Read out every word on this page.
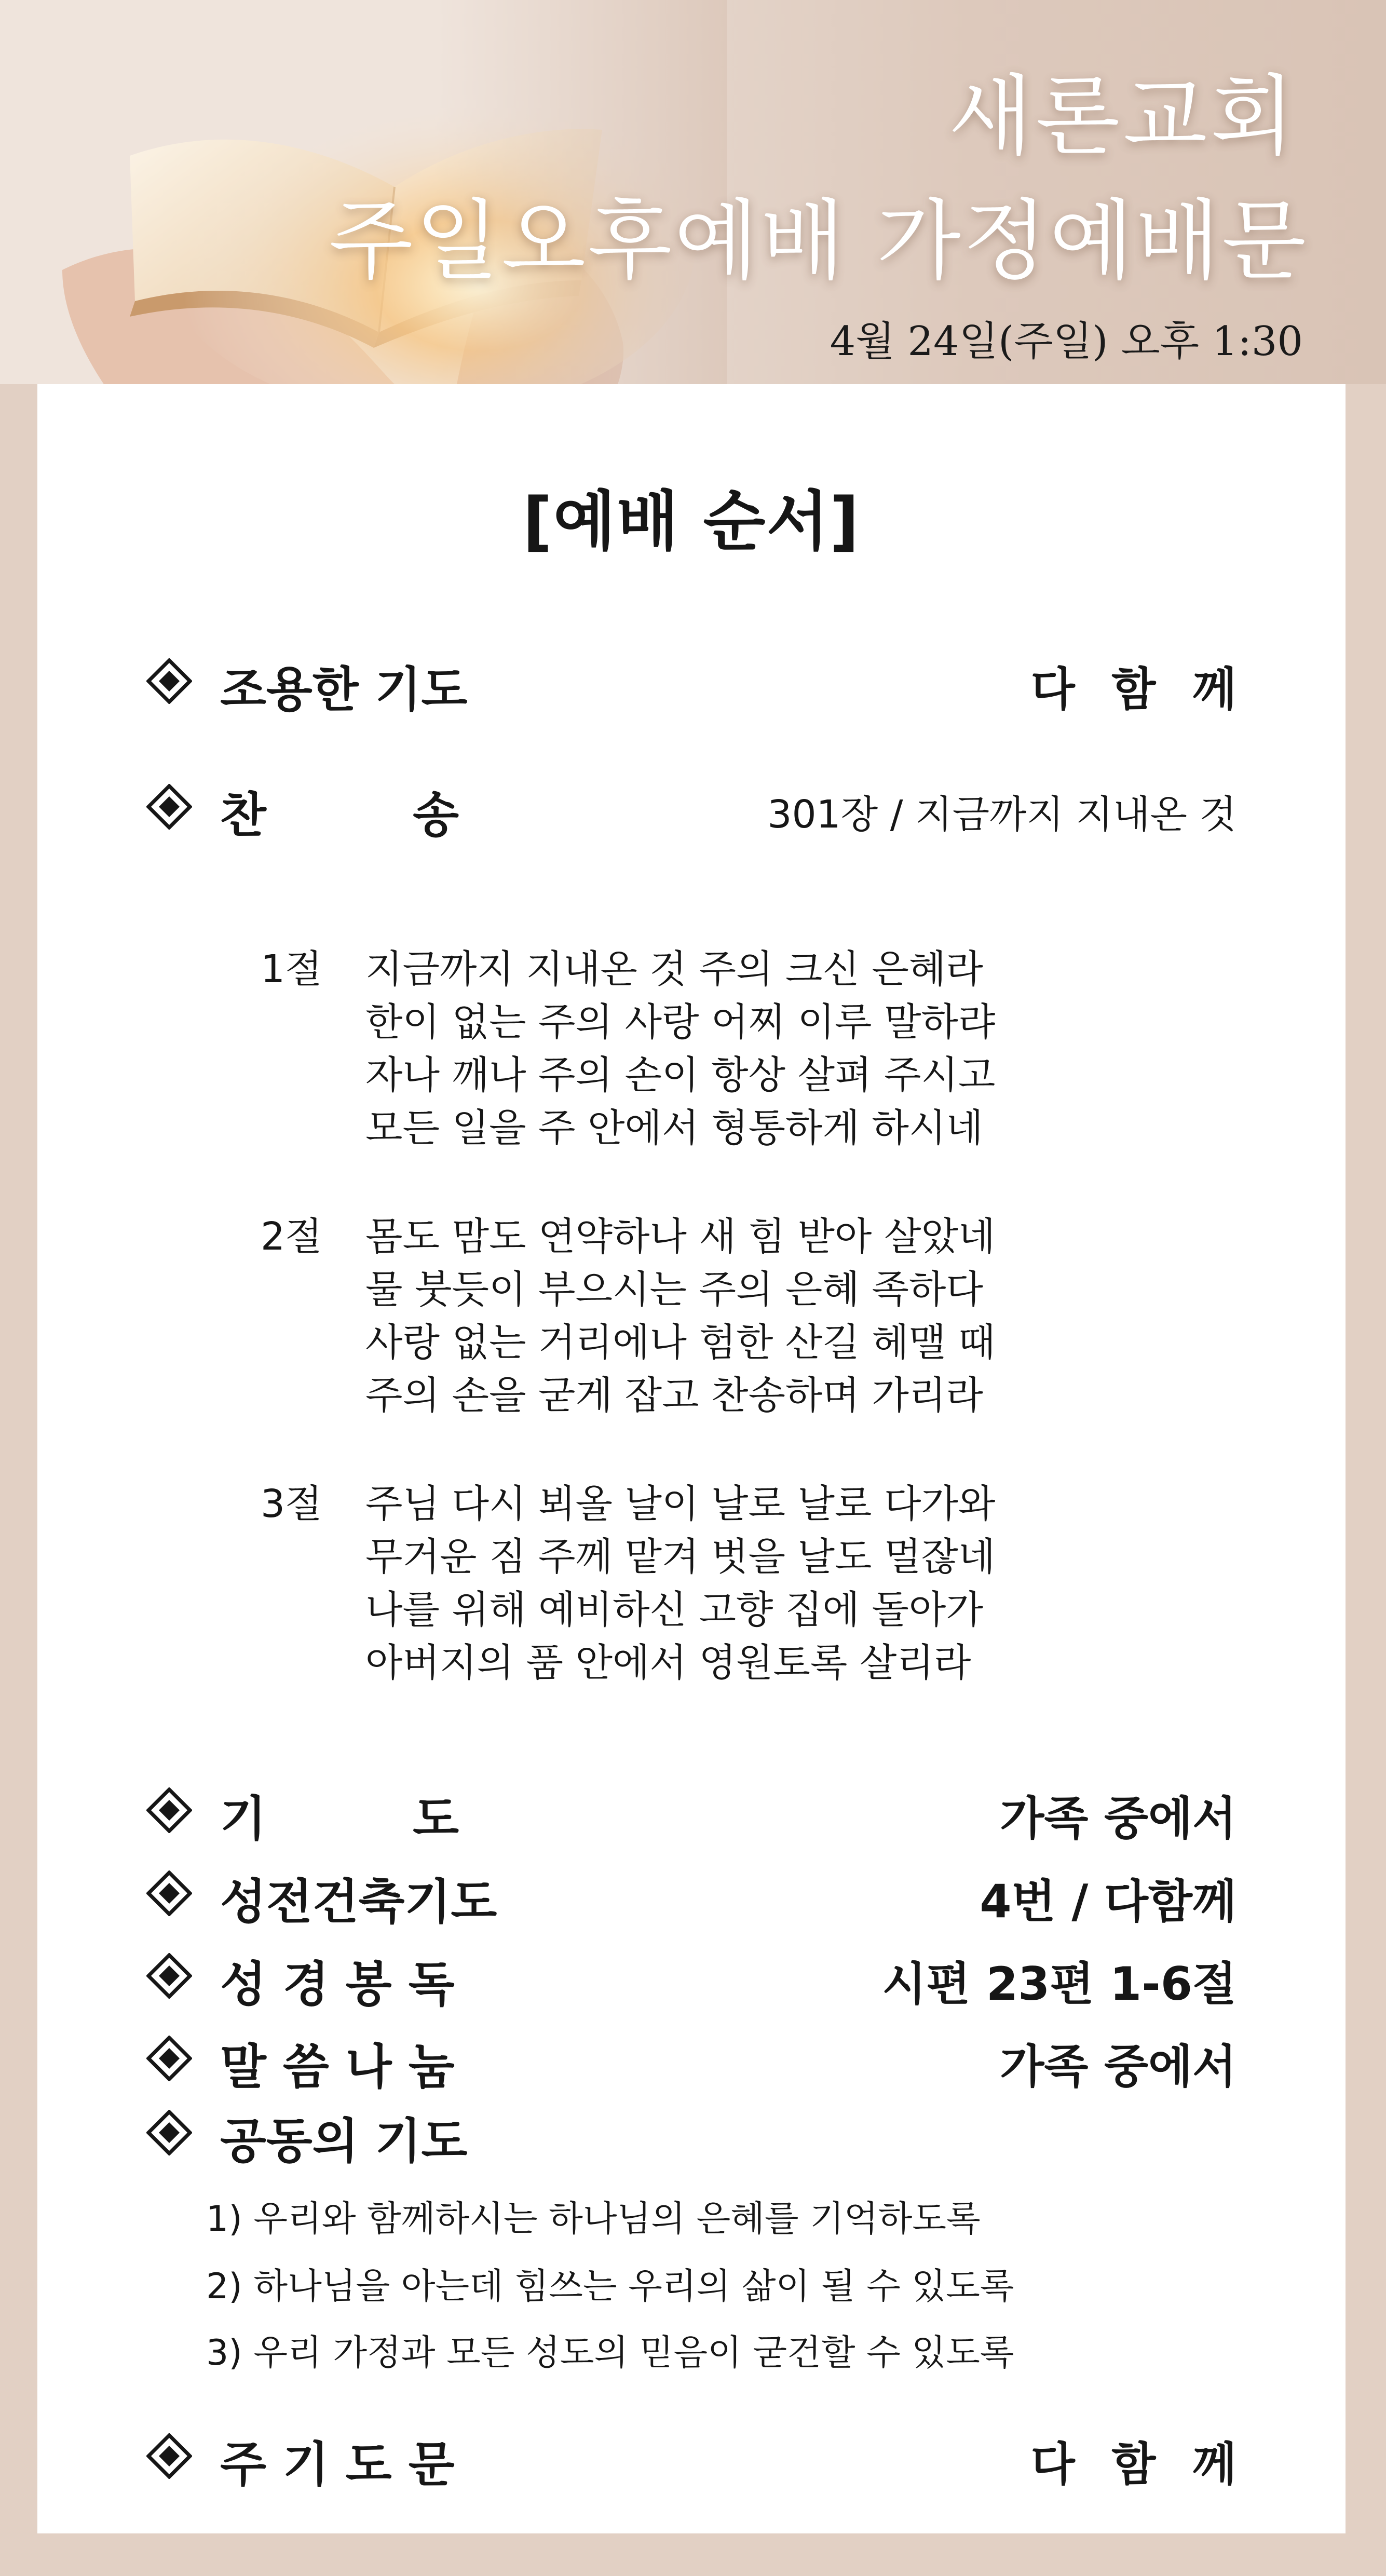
새론교회
주일오후예배 가정예배문
4월 24일(주일) 오후 1:30
[예배 순서]
조용한 기도	다 함 께
찬	송	301장 / 지금까지 지내온 것
1절 지금까지 지내온 것 주의 크신 은혜라
한이 없는 주의 사랑 어찌 이루 말하랴
자나 깨나 주의 손이 항상 살펴 주시고
모든 일을 주 안에서 형통하게 하시네
2절 몸도 맘도 연약하나 새 힘 받아 살았네
물 붓듯이 부으시는 주의 은혜 족하다
사랑 없는 거리에나 험한 산길 헤맬 때
주의 손을 굳게 잡고 찬송하며 가리라
3절 주님 다시 뵈올 날이 날로 날로 다가와
무거운 짐 주께 맡겨 벗을 날도 멀잖네
나를 위해 예비하신 고향 집에 돌아가
아버지의 품 안에서 영원토록 살리라
기	도	가족 중에서
성전건축기도	4번 / 다함께
성 경 봉 독	시편 23편 1-6절
말 씀 나 눔	가족 중에서
공동의 기도
1) 우리와 함께하시는 하나님의 은혜를 기억하도록
2) 하나님을 아는데 힘쓰는 우리의 삶이 될 수 있도록
3) 우리 가정과 모든 성도의 믿음이 굳건할 수 있도록
주 기 도 문	다 함 께
